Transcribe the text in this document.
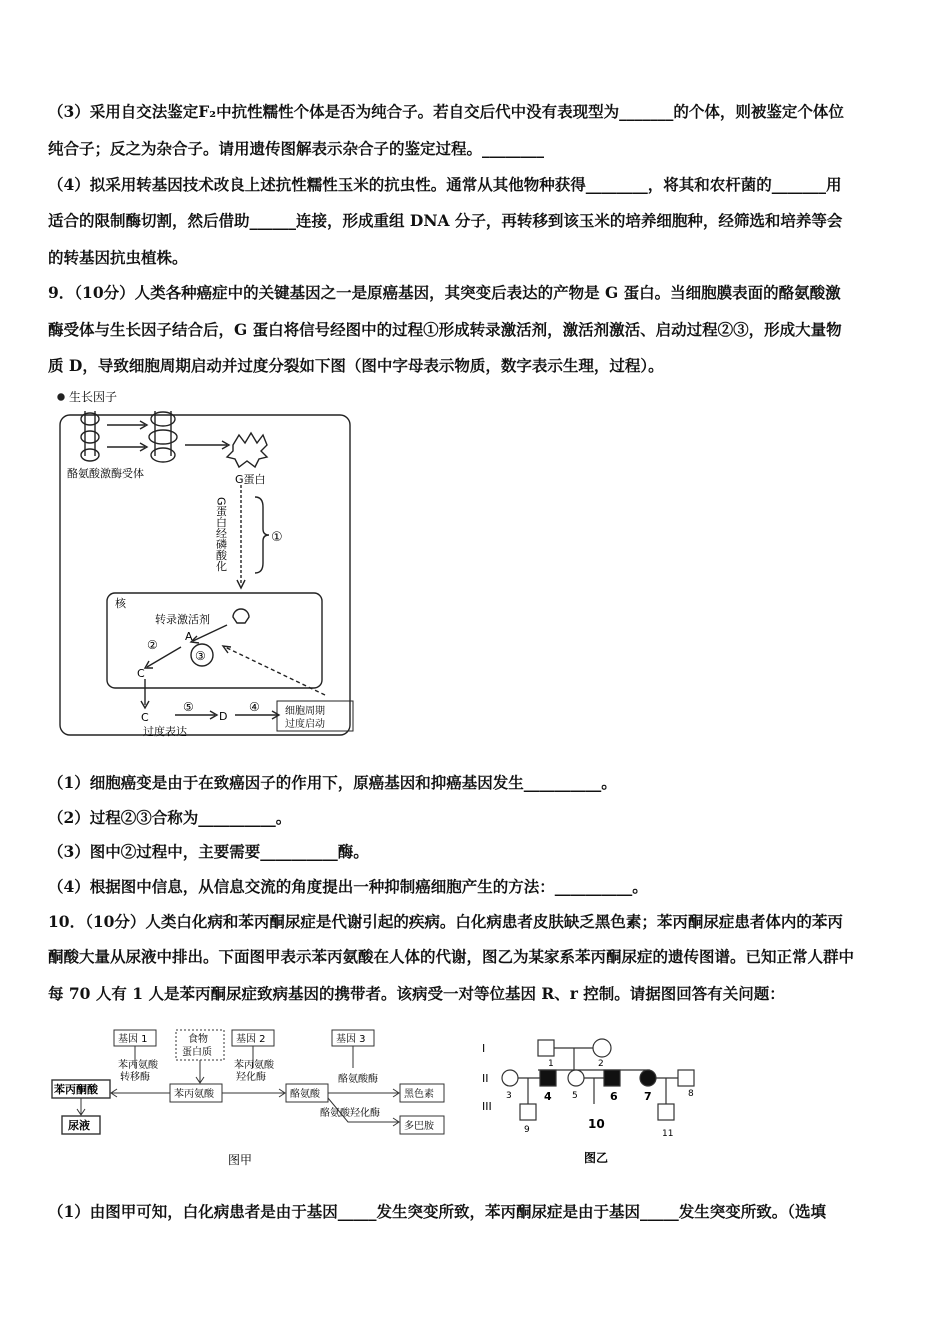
（3）采用自交法鉴定F₂中抗性糯性个体是否为纯合子。若自交后代中没有表现型为_______的个体，则被鉴定个体位
纯合子；反之为杂合子。请用遗传图解表示杂合子的鉴定过程。________
（4）拟采用转基因技术改良上述抗性糯性玉米的抗虫性。通常从其他物种获得________，将其和农杆菌的_______用
适合的限制酶切割，然后借助______连接，形成重组 DNA 分子，再转移到该玉米的培养细胞种，经筛选和培养等会
的转基因抗虫植株。
9．（10分）人类各种癌症中的关键基因之一是原癌基因，其突变后表达的产物是 G 蛋白。当细胞膜表面的酪氨酸激
酶受体与生长因子结合后，G 蛋白将信号经图中的过程①形成转录激活剂，激活剂激活、启动过程②③，形成大量物
质 D，导致细胞周期启动并过度分裂如下图（图中字母表示物质，数字表示生理，过程）。
生长因子
酪氨酸激酶受体	G蛋白
G蛋白经磷酸化	①
核
转录激活剂
②
③
A
C
C
⑤
过度表达
D
④	细胞周期
过度启动
（1）细胞癌变是由于在致癌因子的作用下，原癌基因和抑癌基因发生__________。
（2）过程②③合称为__________。
（3）图中②过程中，主要需要__________酶。
（4）根据图中信息，从信息交流的角度提出一种抑制癌细胞产生的方法：__________。
10．（10分）人类白化病和苯丙酮尿症是代谢引起的疾病。白化病患者皮肤缺乏黑色素；苯丙酮尿症患者体内的苯丙
酮酸大量从尿液中排出。下面图甲表示苯丙氨酸在人体的代谢，图乙为某家系苯丙酮尿症的遗传图谱。已知正常人群中
每 70 人有 1 人是苯丙酮尿症致病基因的携带者。该病受一对等位基因 R、r 控制。请据图回答有关问题：
基因 1	食物
蛋白质
基因 2	基因 3
苯丙酮酸
苯丙氨酸
转移酶
苯丙氨酸
苯丙氨酸
羟化酶
酪氨酸
酪氨酸酶
黑色素
酪氨酸羟化酶
多巴胺
尿液
图甲
I
II
III
1	2
3	4 5	6 7	8
9	10
11
图乙
（1）由图甲可知，白化病患者是由于基因_____发生突变所致，苯丙酮尿症是由于基因_____发生突变所致。（选填
